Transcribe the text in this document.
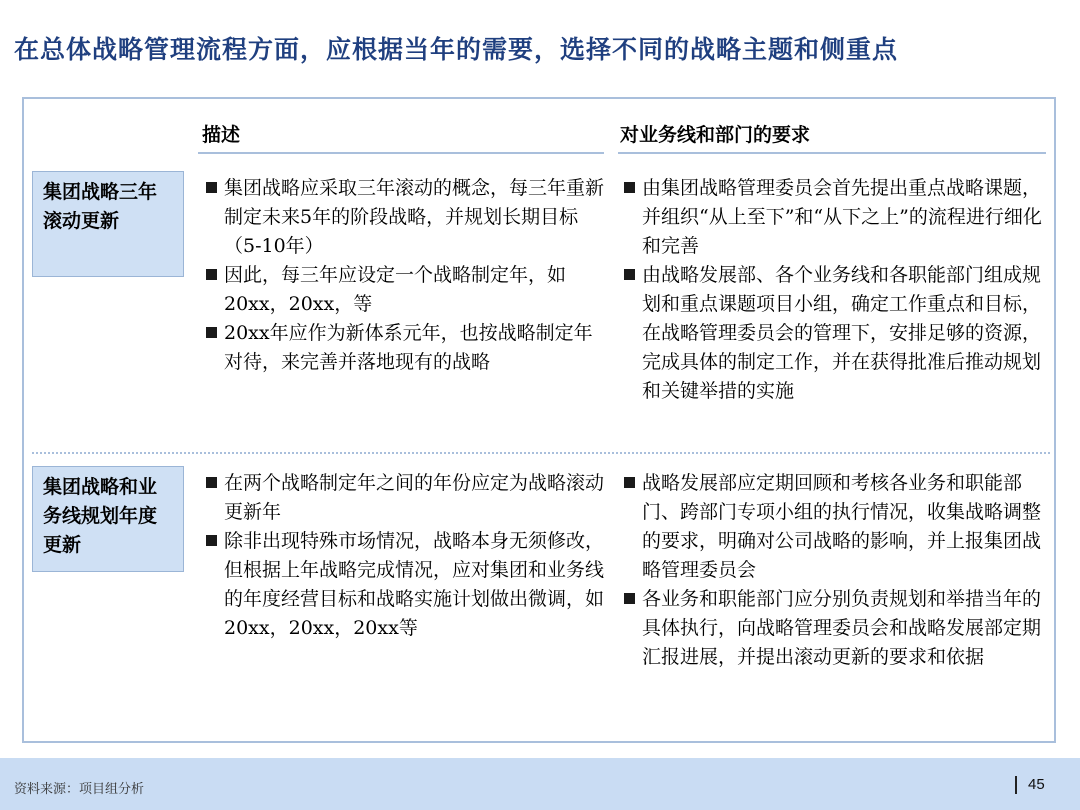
在总体战略管理流程方面，应根据当年的需要，选择不同的战略主题和侧重点
描述	对业务线和部门的要求
集团战略三年滚动更新

集团战略应采取三年滚动的概念，每三年重新制定未来5年的阶段战略，并规划长期目标（5-10年）

因此，每三年应设定一个战略制定年，如20xx，20xx，等

20xx年应作为新体系元年，也按战略制定年对待，来完善并落地现有的战略

由集团战略管理委员会首先提出重点战略课题，并组织“从上至下”和“从下之上”的流程进行细化和完善

由战略发展部、各个业务线和各职能部门组成规划和重点课题项目小组，确定工作重点和目标，在战略管理委员会的管理下，安排足够的资源，完成具体的制定工作，并在获得批准后推动规划和关键举措的实施

集团战略和业务线规划年度更新

在两个战略制定年之间的年份应定为战略滚动更新年

除非出现特殊市场情况，战略本身无须修改，但根据上年战略完成情况，应对集团和业务线的年度经营目标和战略实施计划做出微调，如20xx，20xx，20xx等

战略发展部应定期回顾和考核各业务和职能部门、跨部门专项小组的执行情况，收集战略调整的要求，明确对公司战略的影响，并上报集团战略管理委员会

各业务和职能部门应分别负责规划和举措当年的具体执行，向战略管理委员会和战略发展部定期汇报进展，并提出滚动更新的要求和依据

资料来源：项目组分析	45
